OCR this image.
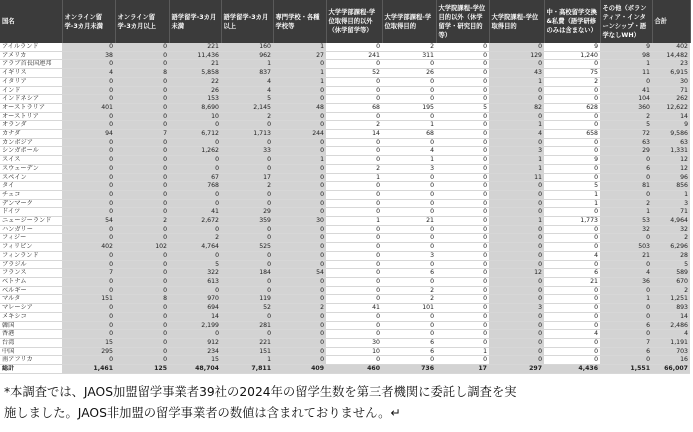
国名	オンライン留学-3カ月未満	オンライン留学-3カ月以上	語学留学-3カ月未満	語学留学-3カ月以上	専門学校・各種学校等	大学学部課程-学位取得目的以外（休学留学等）	大学学部課程-学位取得目的	大学院課程-学位目的以外（休学留学・研究目的等）	大学院課程-学位取得目的	中・高校留学交換&私費（語学研修のみは含まない）	その他（ボランティア・インターンシップ・語学なしWH）	合計
アイルランド	0	0	221	160	1	0	2	0	0	9	9	402
アメリカ	38	0	11,436	962	27	241	311	0	129	1,240	98	14,482
アラブ首長国連邦	0	0	21	1	0	0	0	0	0	0	1	23
イギリス	4	8	5,858	837	1	52	26	0	43	75	11	6,915
イタリア	0	0	22	4	1	0	0	0	1	2	0	30
インド	0	0	26	4	0	0	0	0	0	0	41	71
インドネシア	0	0	153	5	0	0	0	0	0	0	104	262
オーストラリア	401	0	8,690	2,145	48	68	195	5	82	628	360	12,622
オーストリア	0	0	10	2	0	0	0	0	0	0	2	14
オランダ	0	0	0	0	0	2	1	0	1	0	5	9
カナダ	94	7	6,712	1,713	244	14	68	0	4	658	72	9,586
カンボジア	0	0	0	0	0	0	0	0	0	0	63	63
シンガポール	0	0	1,262	33	0	0	4	0	3	0	29	1,331
スイス	0	0	0	0	1	0	1	0	1	9	0	12
スウェーデン	0	0	0	0	0	2	3	0	1	0	6	12
スペイン	0	0	67	17	0	1	0	0	11	0	0	96
タイ	0	0	768	2	0	0	0	0	0	5	81	856
チェコ	0	0	0	0	0	0	0	0	0	1	0	1
デンマーク	0	0	0	0	0	0	0	0	0	1	2	3
ドイツ	0	0	41	29	0	0	0	0	0	0	1	71
ニュージーランド	54	2	2,672	359	30	1	21	0	1	1,773	53	4,964
ハンガリー	0	0	0	0	0	0	0	0	0	0	32	32
フィジー	0	0	2	0	0	0	0	0	0	0	0	2
フィリピン	402	102	4,764	525	0	0	0	0	0	0	503	6,296
フィンランド	0	0	0	0	0	0	3	0	0	4	21	28
ブラジル	0	0	5	0	0	0	0	0	0	0	0	5
フランス	7	0	322	184	54	0	6	0	12	6	4	589
ベトナム	0	0	613	0	0	0	0	0	0	21	36	670
ベルギー	0	0	0	0	0	0	2	0	0	0	0	2
マルタ	151	8	970	119	0	0	2	0	0	0	1	1,251
マレーシア	0	0	694	52	2	41	101	0	3	0	0	893
メキシコ	0	0	14	0	0	0	0	0	0	0	0	14
韓国	0	0	2,199	281	0	0	0	0	0	0	6	2,486
香港	0	0	0	0	0	0	0	0	0	4	0	4
台湾	15	0	912	221	0	30	6	0	0	0	7	1,191
中国	295	0	234	151	0	10	6	1	0	0	6	703
南アフリカ	0	0	15	1	0	0	0	0	0	0	0	16
総計	1,461	125	48,704	7,811	409	460	736	17	297	4,436	1,551	66,007

*本調査では、JAOS加盟留学事業者39社の2024年の留学生数を第三者機関に委託し調査を実

施しました。JAOS非加盟の留学事業者の数値は含まれておりません。↵
